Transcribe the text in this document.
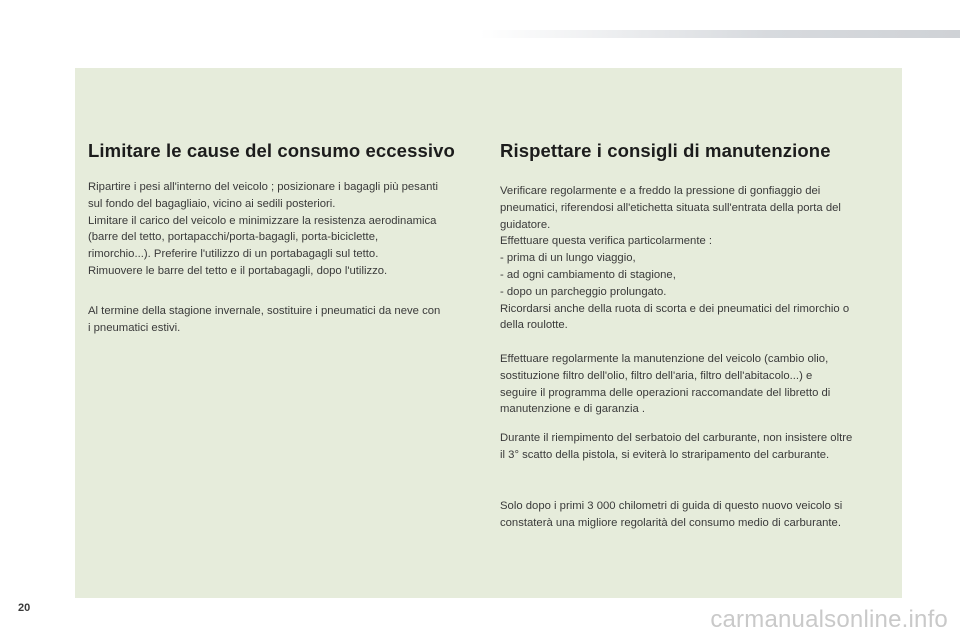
Limitare le cause del consumo eccessivo

Ripartire i pesi all'interno del veicolo ; posizionare i bagagli più pesanti
sul fondo del bagagliaio, vicino ai sedili posteriori.
Limitare il carico del veicolo e minimizzare la resistenza aerodinamica
(barre del tetto, portapacchi/porta-bagagli, porta-biciclette,
rimorchio...). Preferire l'utilizzo di un portabagagli sul tetto.
Rimuovere le barre del tetto e il portabagagli, dopo l'utilizzo.

Al termine della stagione invernale, sostituire i pneumatici da neve con
i pneumatici estivi.

Rispettare i consigli di manutenzione

Verificare regolarmente e a freddo la pressione di gonfiaggio dei
pneumatici, riferendosi all'etichetta situata sull'entrata della porta del
guidatore.
Effettuare questa verifica particolarmente :
- prima di un lungo viaggio,
- ad ogni cambiamento di stagione,
- dopo un parcheggio prolungato.
Ricordarsi anche della ruota di scorta e dei pneumatici del rimorchio o
della roulotte.

Effettuare regolarmente la manutenzione del veicolo (cambio olio,
sostituzione filtro dell'olio, filtro dell'aria, filtro dell'abitacolo...) e
seguire il programma delle operazioni raccomandate del libretto di
manutenzione e di garanzia .

Durante il riempimento del serbatoio del carburante, non insistere oltre
il 3° scatto della pistola, si eviterà lo straripamento del carburante.

Solo dopo i primi 3 000 chilometri di guida di questo nuovo veicolo si
constaterà una migliore regolarità del consumo medio di carburante.

20	carmanualsonline.info
